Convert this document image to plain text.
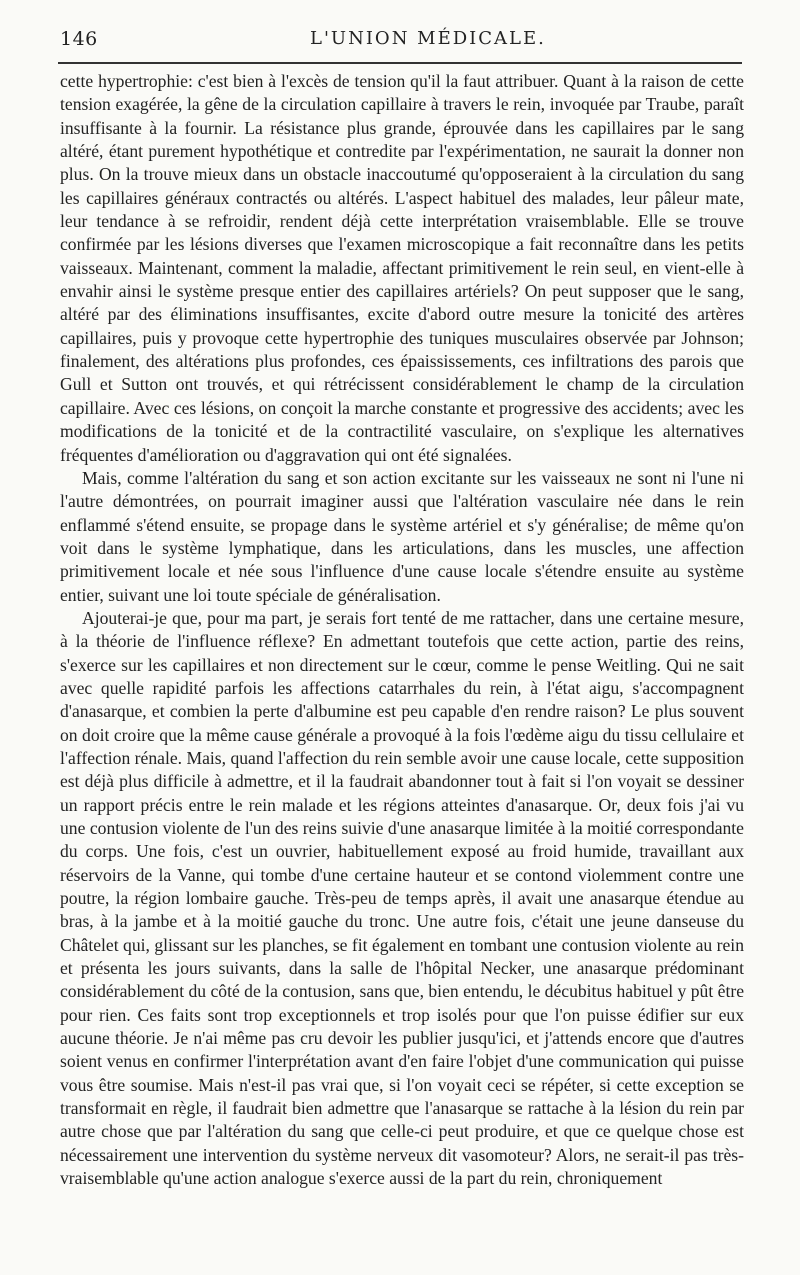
146	L'UNION MÉDICALE.

cette hypertrophie: c'est bien à l'excès de tension qu'il la faut attribuer. Quant à la raison de cette tension exagérée, la gêne de la circulation capillaire à travers le rein, invoquée par Traube, paraît insuffisante à la fournir. La résistance plus grande, éprouvée dans les capillaires par le sang altéré, étant purement hypothétique et contredite par l'expérimentation, ne saurait la donner non plus. On la trouve mieux dans un obstacle inaccoutumé qu'opposeraient à la circulation du sang les capillaires généraux contractés ou altérés. L'aspect habituel des malades, leur pâleur mate, leur tendance à se refroidir, rendent déjà cette interprétation vraisemblable. Elle se trouve confirmée par les lésions diverses que l'examen microscopique a fait reconnaître dans les petits vaisseaux. Maintenant, comment la maladie, affectant primitivement le rein seul, en vient-elle à envahir ainsi le système presque entier des capillaires artériels? On peut supposer que le sang, altéré par des éliminations insuffisantes, excite d'abord outre mesure la tonicité des artères capillaires, puis y provoque cette hypertrophie des tuniques musculaires observée par Johnson; finalement, des altérations plus profondes, ces épaississements, ces infiltrations des parois que Gull et Sutton ont trouvés, et qui rétrécissent considérablement le champ de la circulation capillaire. Avec ces lésions, on conçoit la marche constante et progressive des accidents; avec les modifications de la tonicité et de la contractilité vasculaire, on s'explique les alternatives fréquentes d'amélioration ou d'aggravation qui ont été signalées.

Mais, comme l'altération du sang et son action excitante sur les vaisseaux ne sont ni l'une ni l'autre démontrées, on pourrait imaginer aussi que l'altération vasculaire née dans le rein enflammé s'étend ensuite, se propage dans le système artériel et s'y généralise; de même qu'on voit dans le système lymphatique, dans les articulations, dans les muscles, une affection primitivement locale et née sous l'influence d'une cause locale s'étendre ensuite au système entier, suivant une loi toute spéciale de généralisation.

Ajouterai-je que, pour ma part, je serais fort tenté de me rattacher, dans une certaine mesure, à la théorie de l'influence réflexe? En admettant toutefois que cette action, partie des reins, s'exerce sur les capillaires et non directement sur le cœur, comme le pense Weitling. Qui ne sait avec quelle rapidité parfois les affections catarrhales du rein, à l'état aigu, s'accompagnent d'anasarque, et combien la perte d'albumine est peu capable d'en rendre raison? Le plus souvent on doit croire que la même cause générale a provoqué à la fois l'œdème aigu du tissu cellulaire et l'affection rénale. Mais, quand l'affection du rein semble avoir une cause locale, cette supposition est déjà plus difficile à admettre, et il la faudrait abandonner tout à fait si l'on voyait se dessiner un rapport précis entre le rein malade et les régions atteintes d'anasarque. Or, deux fois j'ai vu une contusion violente de l'un des reins suivie d'une anasarque limitée à la moitié correspondante du corps. Une fois, c'est un ouvrier, habituellement exposé au froid humide, travaillant aux réservoirs de la Vanne, qui tombe d'une certaine hauteur et se contond violemment contre une poutre, la région lombaire gauche. Très-peu de temps après, il avait une anasarque étendue au bras, à la jambe et à la moitié gauche du tronc. Une autre fois, c'était une jeune danseuse du Châtelet qui, glissant sur les planches, se fit également en tombant une contusion violente au rein et présenta les jours suivants, dans la salle de l'hôpital Necker, une anasarque prédominant considérablement du côté de la contusion, sans que, bien entendu, le décubitus habituel y pût être pour rien. Ces faits sont trop exceptionnels et trop isolés pour que l'on puisse édifier sur eux aucune théorie. Je n'ai même pas cru devoir les publier jusqu'ici, et j'attends encore que d'autres soient venus en confirmer l'interprétation avant d'en faire l'objet d'une communication qui puisse vous être soumise. Mais n'est-il pas vrai que, si l'on voyait ceci se répéter, si cette exception se transformait en règle, il faudrait bien admettre que l'anasarque se rattache à la lésion du rein par autre chose que par l'altération du sang que celle-ci peut produire, et que ce quelque chose est nécessairement une intervention du système nerveux dit vasomoteur? Alors, ne serait-il pas très-vraisemblable qu'une action analogue s'exerce aussi de la part du rein, chroniquement
